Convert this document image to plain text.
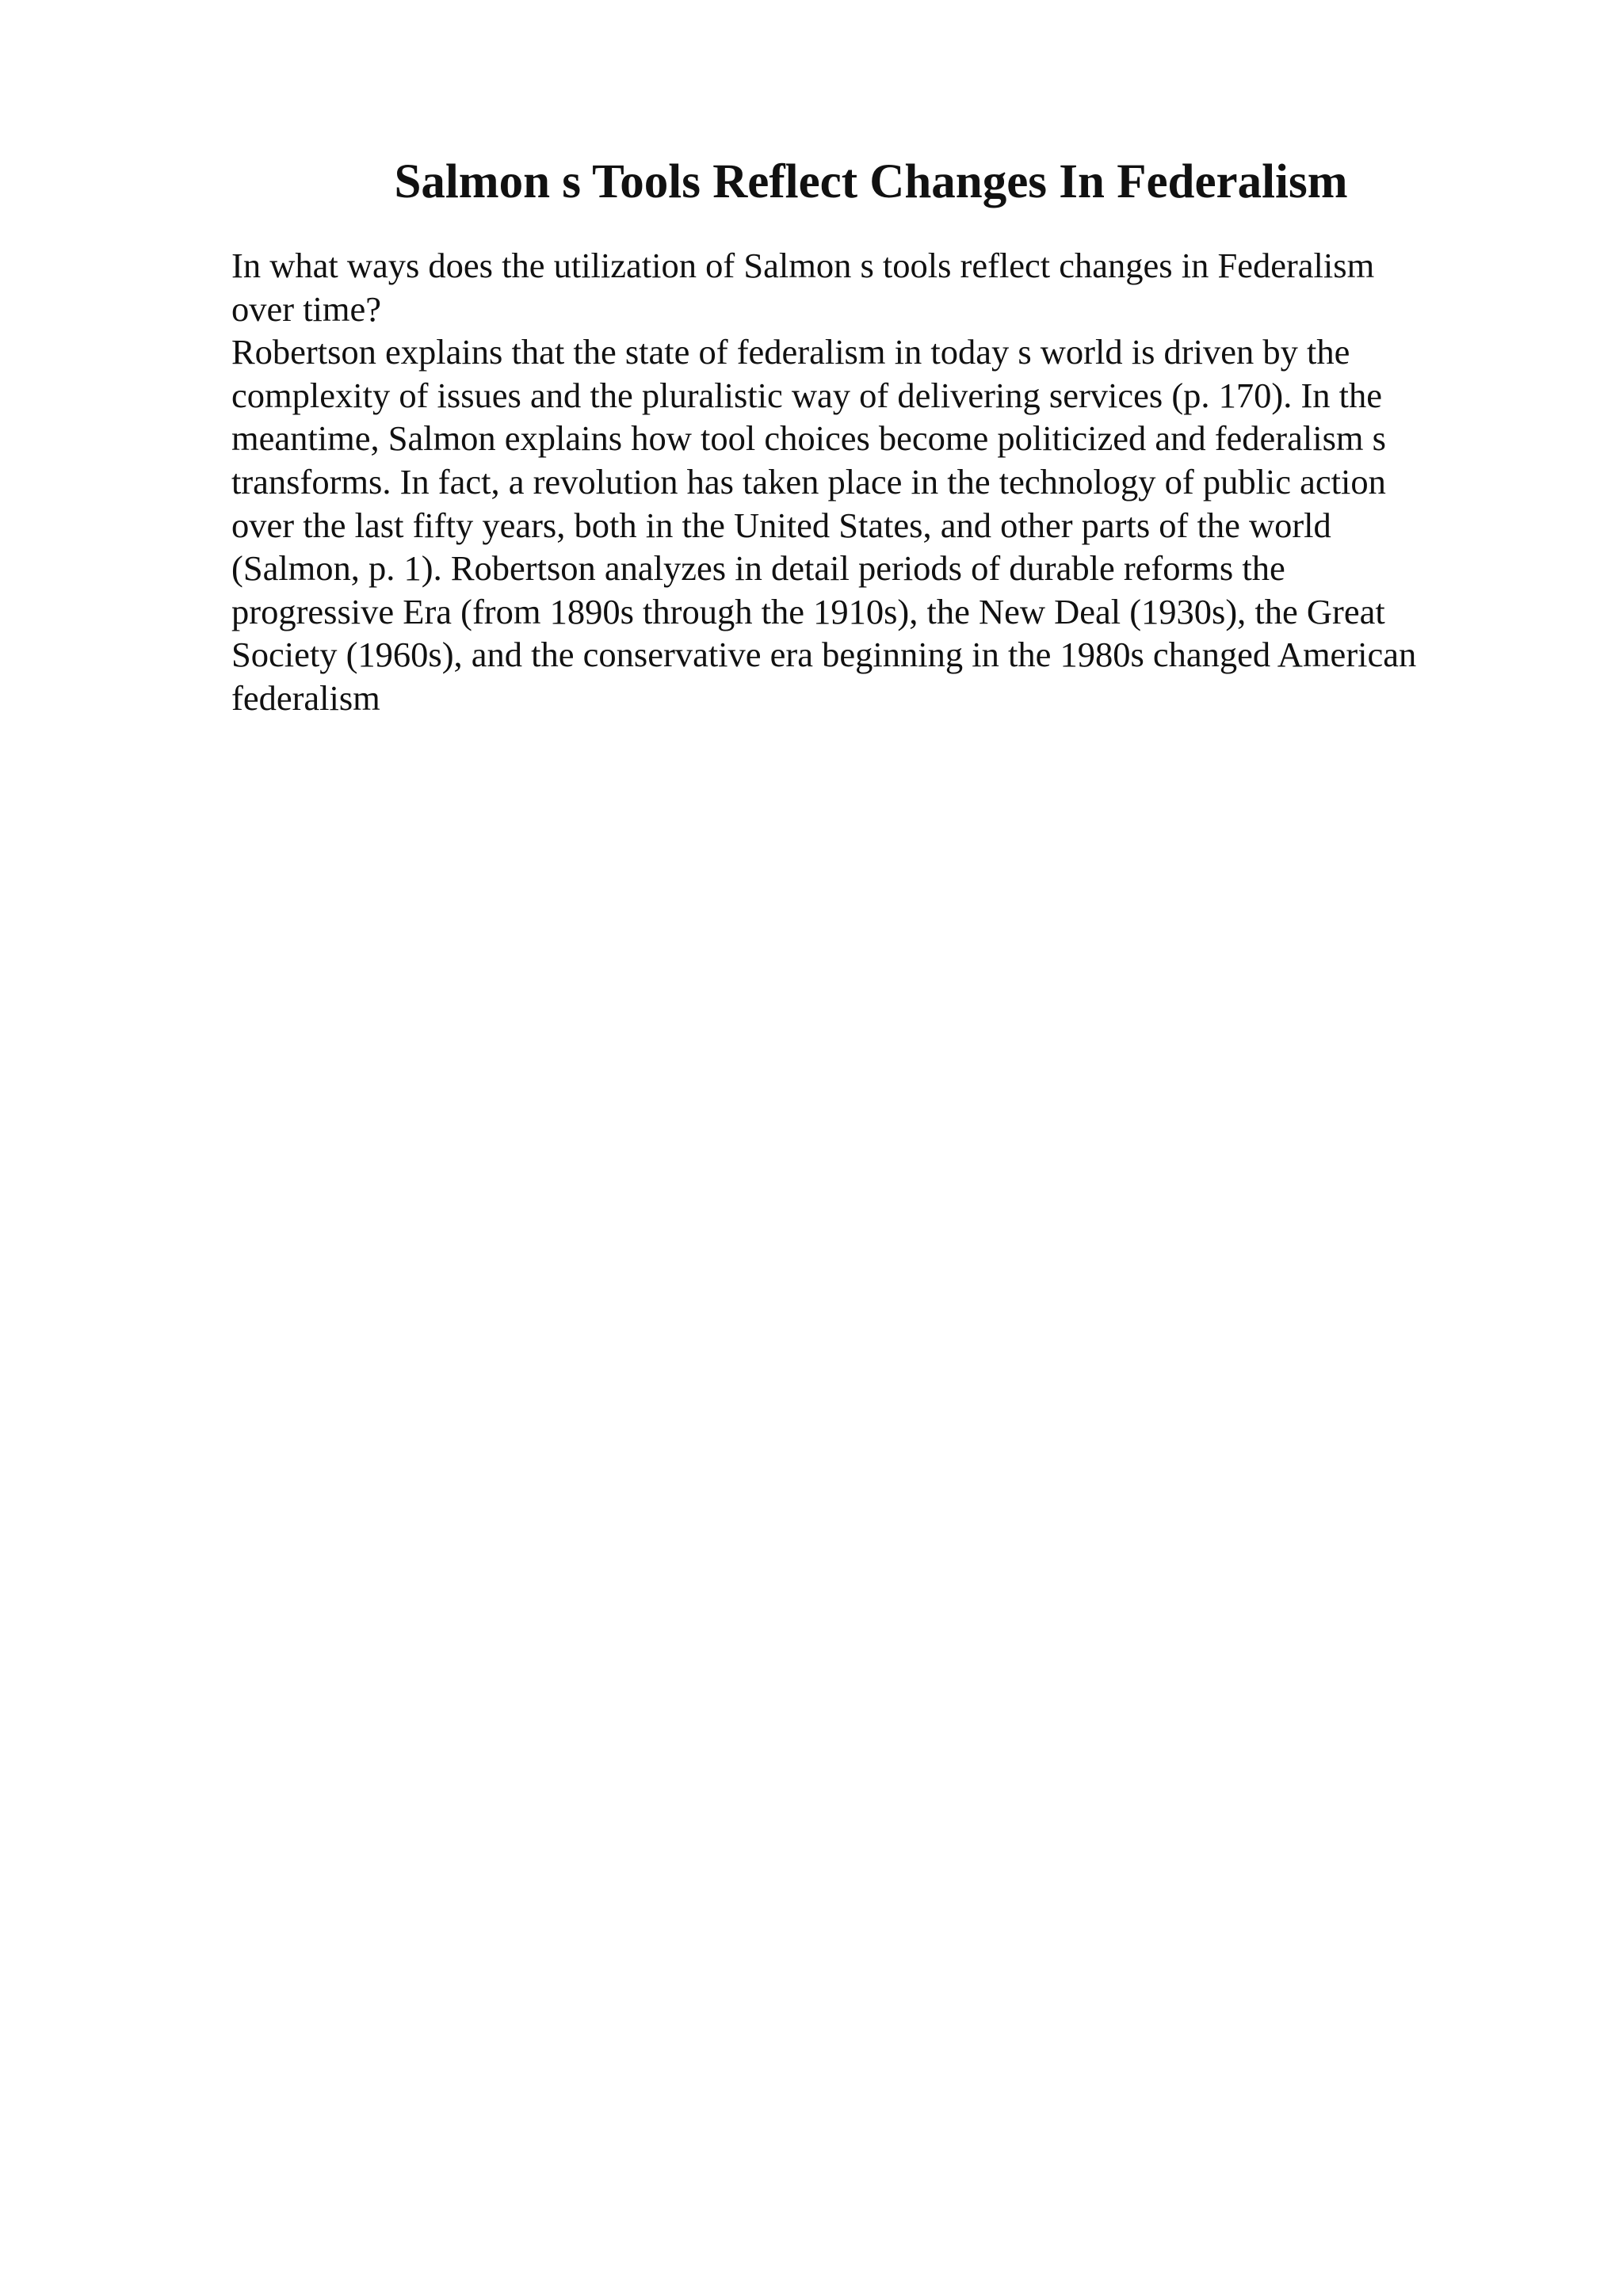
Salmon s Tools Reflect Changes In Federalism
In what ways does the utilization of Salmon s tools reflect changes in Federalism
over time?
Robertson explains that the state of federalism in today s world is driven by the
complexity of issues and the pluralistic way of delivering services (p. 170). In the
meantime, Salmon explains how tool choices become politicized and federalism s
transforms. In fact, a revolution has taken place in the technology of public action
over the last fifty years, both in the United States, and other parts of the world
(Salmon, p. 1). Robertson analyzes in detail periods of durable reforms the
progressive Era (from 1890s through the 1910s), the New Deal (1930s), the Great
Society (1960s), and the conservative era beginning in the 1980s changed American
federalism
